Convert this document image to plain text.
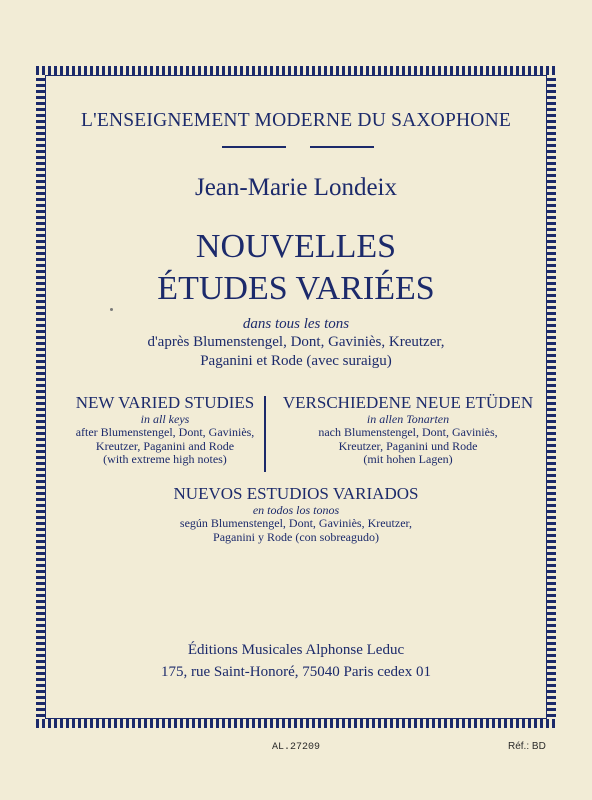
L'ENSEIGNEMENT MODERNE DU SAXOPHONE
Jean-Marie Londeix
NOUVELLES
ÉTUDES VARIÉES
dans tous les tons
d'après Blumenstengel, Dont, Gaviniès, Kreutzer,
Paganini et Rode (avec suraigu)
NEW VARIED STUDIES
in all keys
after Blumenstengel, Dont, Gaviniès,
Kreutzer, Paganini and Rode
(with extreme high notes)
VERSCHIEDENE NEUE ETÜDEN
in allen Tonarten
nach Blumenstengel, Dont, Gaviniès,
Kreutzer, Paganini und Rode
(mit hohen Lagen)
NUEVOS ESTUDIOS VARIADOS
en todos los tonos
según Blumenstengel, Dont, Gaviniès, Kreutzer,
Paganini y Rode (con sobreagudo)
Éditions Musicales Alphonse Leduc
175, rue Saint-Honoré, 75040 Paris cedex 01
AL.27209	Réf.: BD
